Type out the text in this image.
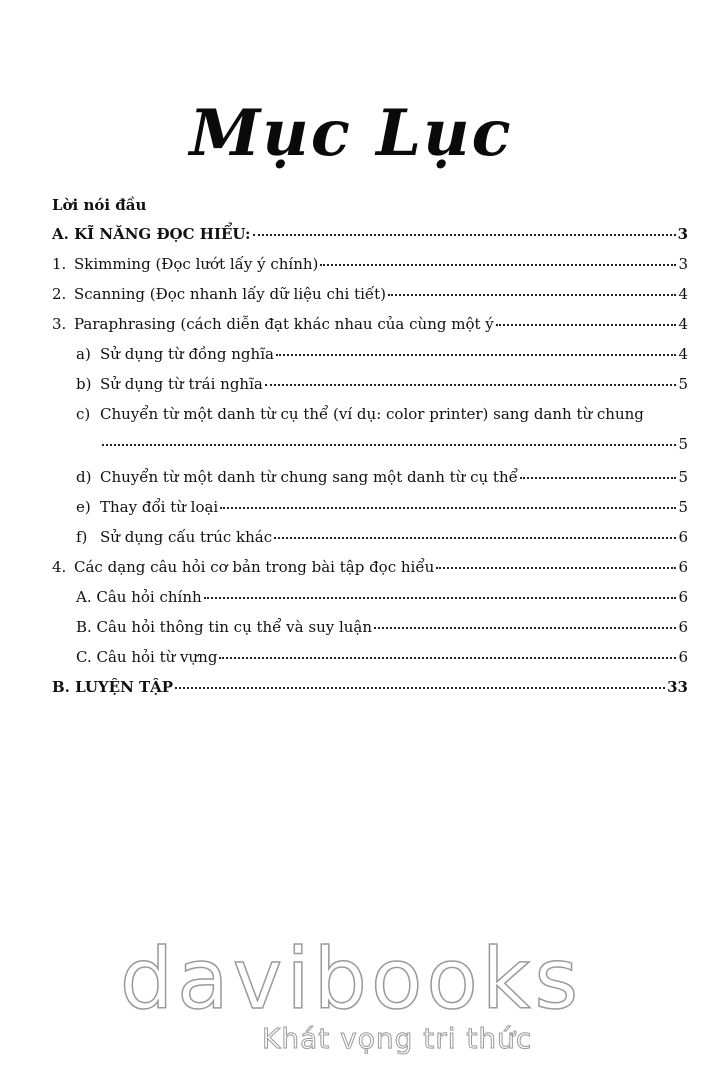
Mục Lục
Lời nói đầu
A. KĨ NĂNG ĐỌC HIỂU:	3
1. Skimming (Đọc lướt lấy ý chính)	3
2. Scanning (Đọc nhanh lấy dữ liệu chi tiết)	4
3. Paraphrasing (cách diễn đạt khác nhau của cùng một ý	4
a) Sử dụng từ đồng nghĩa	4
b) Sử dụng từ trái nghĩa	5
c) Chuyển từ một danh từ cụ thể (ví dụ: color printer) sang danh từ chung
5
d) Chuyển từ một danh từ chung sang một danh từ cụ thể	5
e) Thay đổi từ loại	5
f) Sử dụng cấu trúc khác	6
4. Các dạng câu hỏi cơ bản trong bài tập đọc hiểu	6
A. Câu hỏi chính	6
B. Câu hỏi thông tin cụ thể và suy luận	6
C. Câu hỏi từ vựng	6
B. LUYỆN TẬP	33
davibooks
Khát vọng tri thức
